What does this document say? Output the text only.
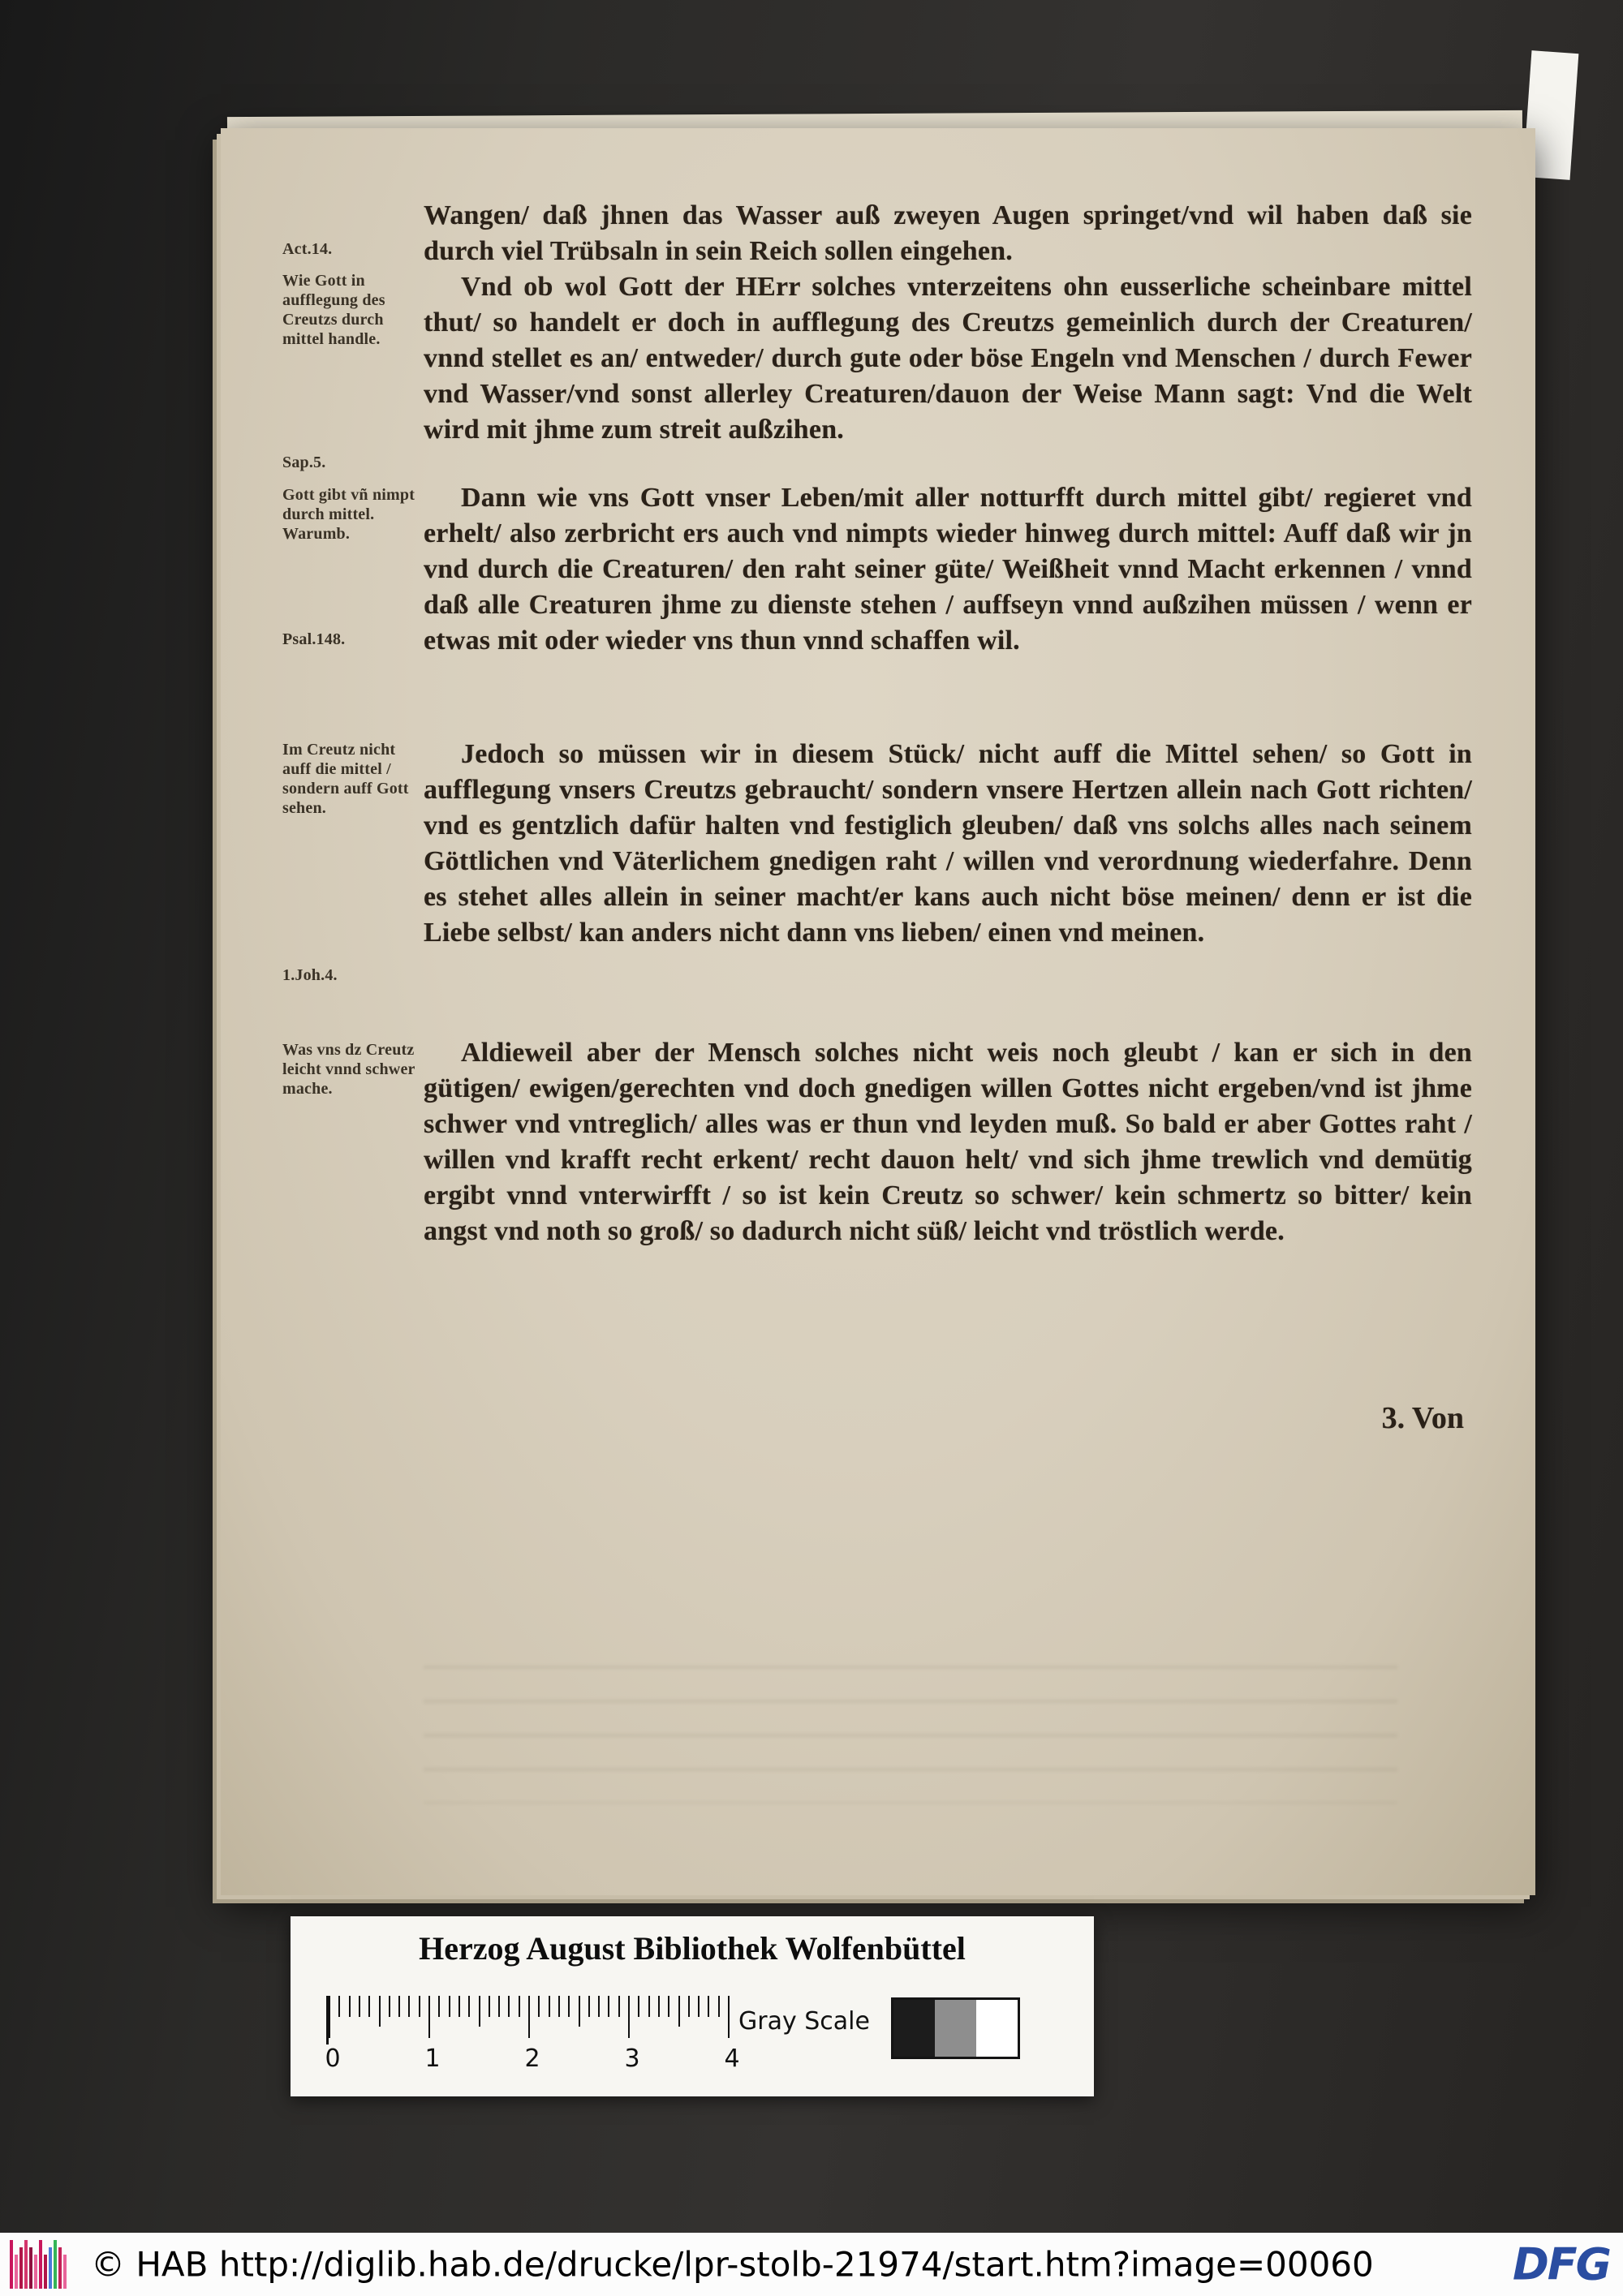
Act.14.
Wie Gott in aufflegung des Creutzs durch mittel handle.
Sap.5.
Gott gibt vñ nimpt durch mittel. Warumb.
Psal.148.
Im Creutz nicht auff die mittel / sondern auff Gott sehen.
1.Joh.4.
Was vns dz Creutz leicht vnnd schwer mache.

Wangen/ daß jhnen das Wasser auß zweyen Augen springet/vnd wil haben daß sie durch viel Trübsaln in sein Reich sollen eingehen.

Vnd ob wol Gott der HErr solches vnterzeitens ohn eusserliche scheinbare mittel thut/ so handelt er doch in aufflegung des Creutzs gemeinlich durch der Creaturen/ vnnd stellet es an/ entweder/ durch gute oder böse Engeln vnd Menschen / durch Fewer vnd Wasser/vnd sonst allerley Creaturen/dauon der Weise Mann sagt: Vnd die Welt wird mit jhme zum streit außzihen.

Dann wie vns Gott vnser Leben/mit aller notturfft durch mittel gibt/ regieret vnd erhelt/ also zerbricht ers auch vnd nimpts wieder hinweg durch mittel: Auff daß wir jn vnd durch die Creaturen/ den raht seiner güte/ Weißheit vnnd Macht erkennen / vnnd daß alle Creaturen jhme zu dienste stehen / auffseyn vnnd außzihen müssen / wenn er etwas mit oder wieder vns thun vnnd schaffen wil.

Jedoch so müssen wir in diesem Stück/ nicht auff die Mittel sehen/ so Gott in aufflegung vnsers Creutzs gebraucht/ sondern vnsere Hertzen allein nach Gott richten/ vnd es gentzlich dafür halten vnd festiglich gleuben/ daß vns solchs alles nach seinem Göttlichen vnd Väterlichem gnedigen raht / willen vnd verordnung wiederfahre. Denn es stehet alles allein in seiner macht/er kans auch nicht böse meinen/ denn er ist die Liebe selbst/ kan anders nicht dann vns lieben/ einen vnd meinen.

Aldieweil aber der Mensch solches nicht weis noch gleubt / kan er sich in den gütigen/ ewigen/gerechten vnd doch gnedigen willen Gottes nicht ergeben/vnd ist jhme schwer vnd vntreglich/ alles was er thun vnd leyden muß. So bald er aber Gottes raht / willen vnd krafft recht erkent/ recht dauon helt/ vnd sich jhme trewlich vnd demütig ergibt vnnd vnterwirfft / so ist kein Creutz so schwer/ kein schmertz so bitter/ kein angst vnd noth so groß/ so dadurch nicht süß/ leicht vnd tröstlich werde.

3. Von
Herzog August Bibliothek Wolfenbüttel
0	1	2	3	4
Gray Scale
© HAB http://diglib.hab.de/drucke/lpr-stolb-21974/start.htm?image=00060	DFG
